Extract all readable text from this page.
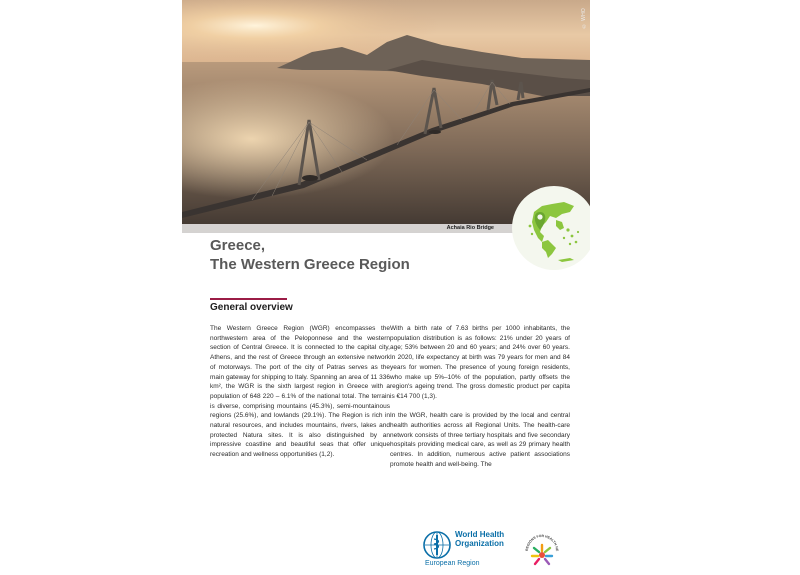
© WHO
Achaia Rio Bridge
Greece,
The Western Greece Region
General overview

The Western Greece Region (WGR) encompasses the northwestern area of the Peloponnese and the western section of Central Greece. It is connected to the capital city, Athens, and the rest of Greece through an extensive network of motorways. The port of the city of Patras serves as the main gateway for shipping to Italy. Spanning an area of 11 336 km², the WGR is the sixth largest region in Greece with a population of 648 220 – 6.1% of the national total. The terrain is diverse, comprising mountains (45.3%), semi-mountainous regions (25.6%), and lowlands (29.1%). The Region is rich in natural resources, and includes mountains, rivers, lakes and protected Natura sites. It is also distinguished by an impressive coastline and beautiful seas that offer unique recreation and wellness opportunities (1,2).

With a birth rate of 7.63 births per 1000 inhabitants, the population distribution is as follows: 21% under 20 years of age; 53% between 20 and 60 years; and 24% over 60 years. In 2020, life expectancy at birth was 79 years for men and 84 years for women. The presence of young foreign residents, who make up 5%–10% of the population, partly offsets the region's ageing trend. The gross domestic product per capita is €14 700 (1,3).

In the WGR, health care is provided by the local and central health authorities across all Regional Units. The health-care network consists of three tertiary hospitals and five secondary hospitals providing medical care, as well as 29 primary health centres. In addition, numerous active patient associations promote health and well-being. The

World Health
Organization
European Region
REGIONS FOR HEALTH NE
